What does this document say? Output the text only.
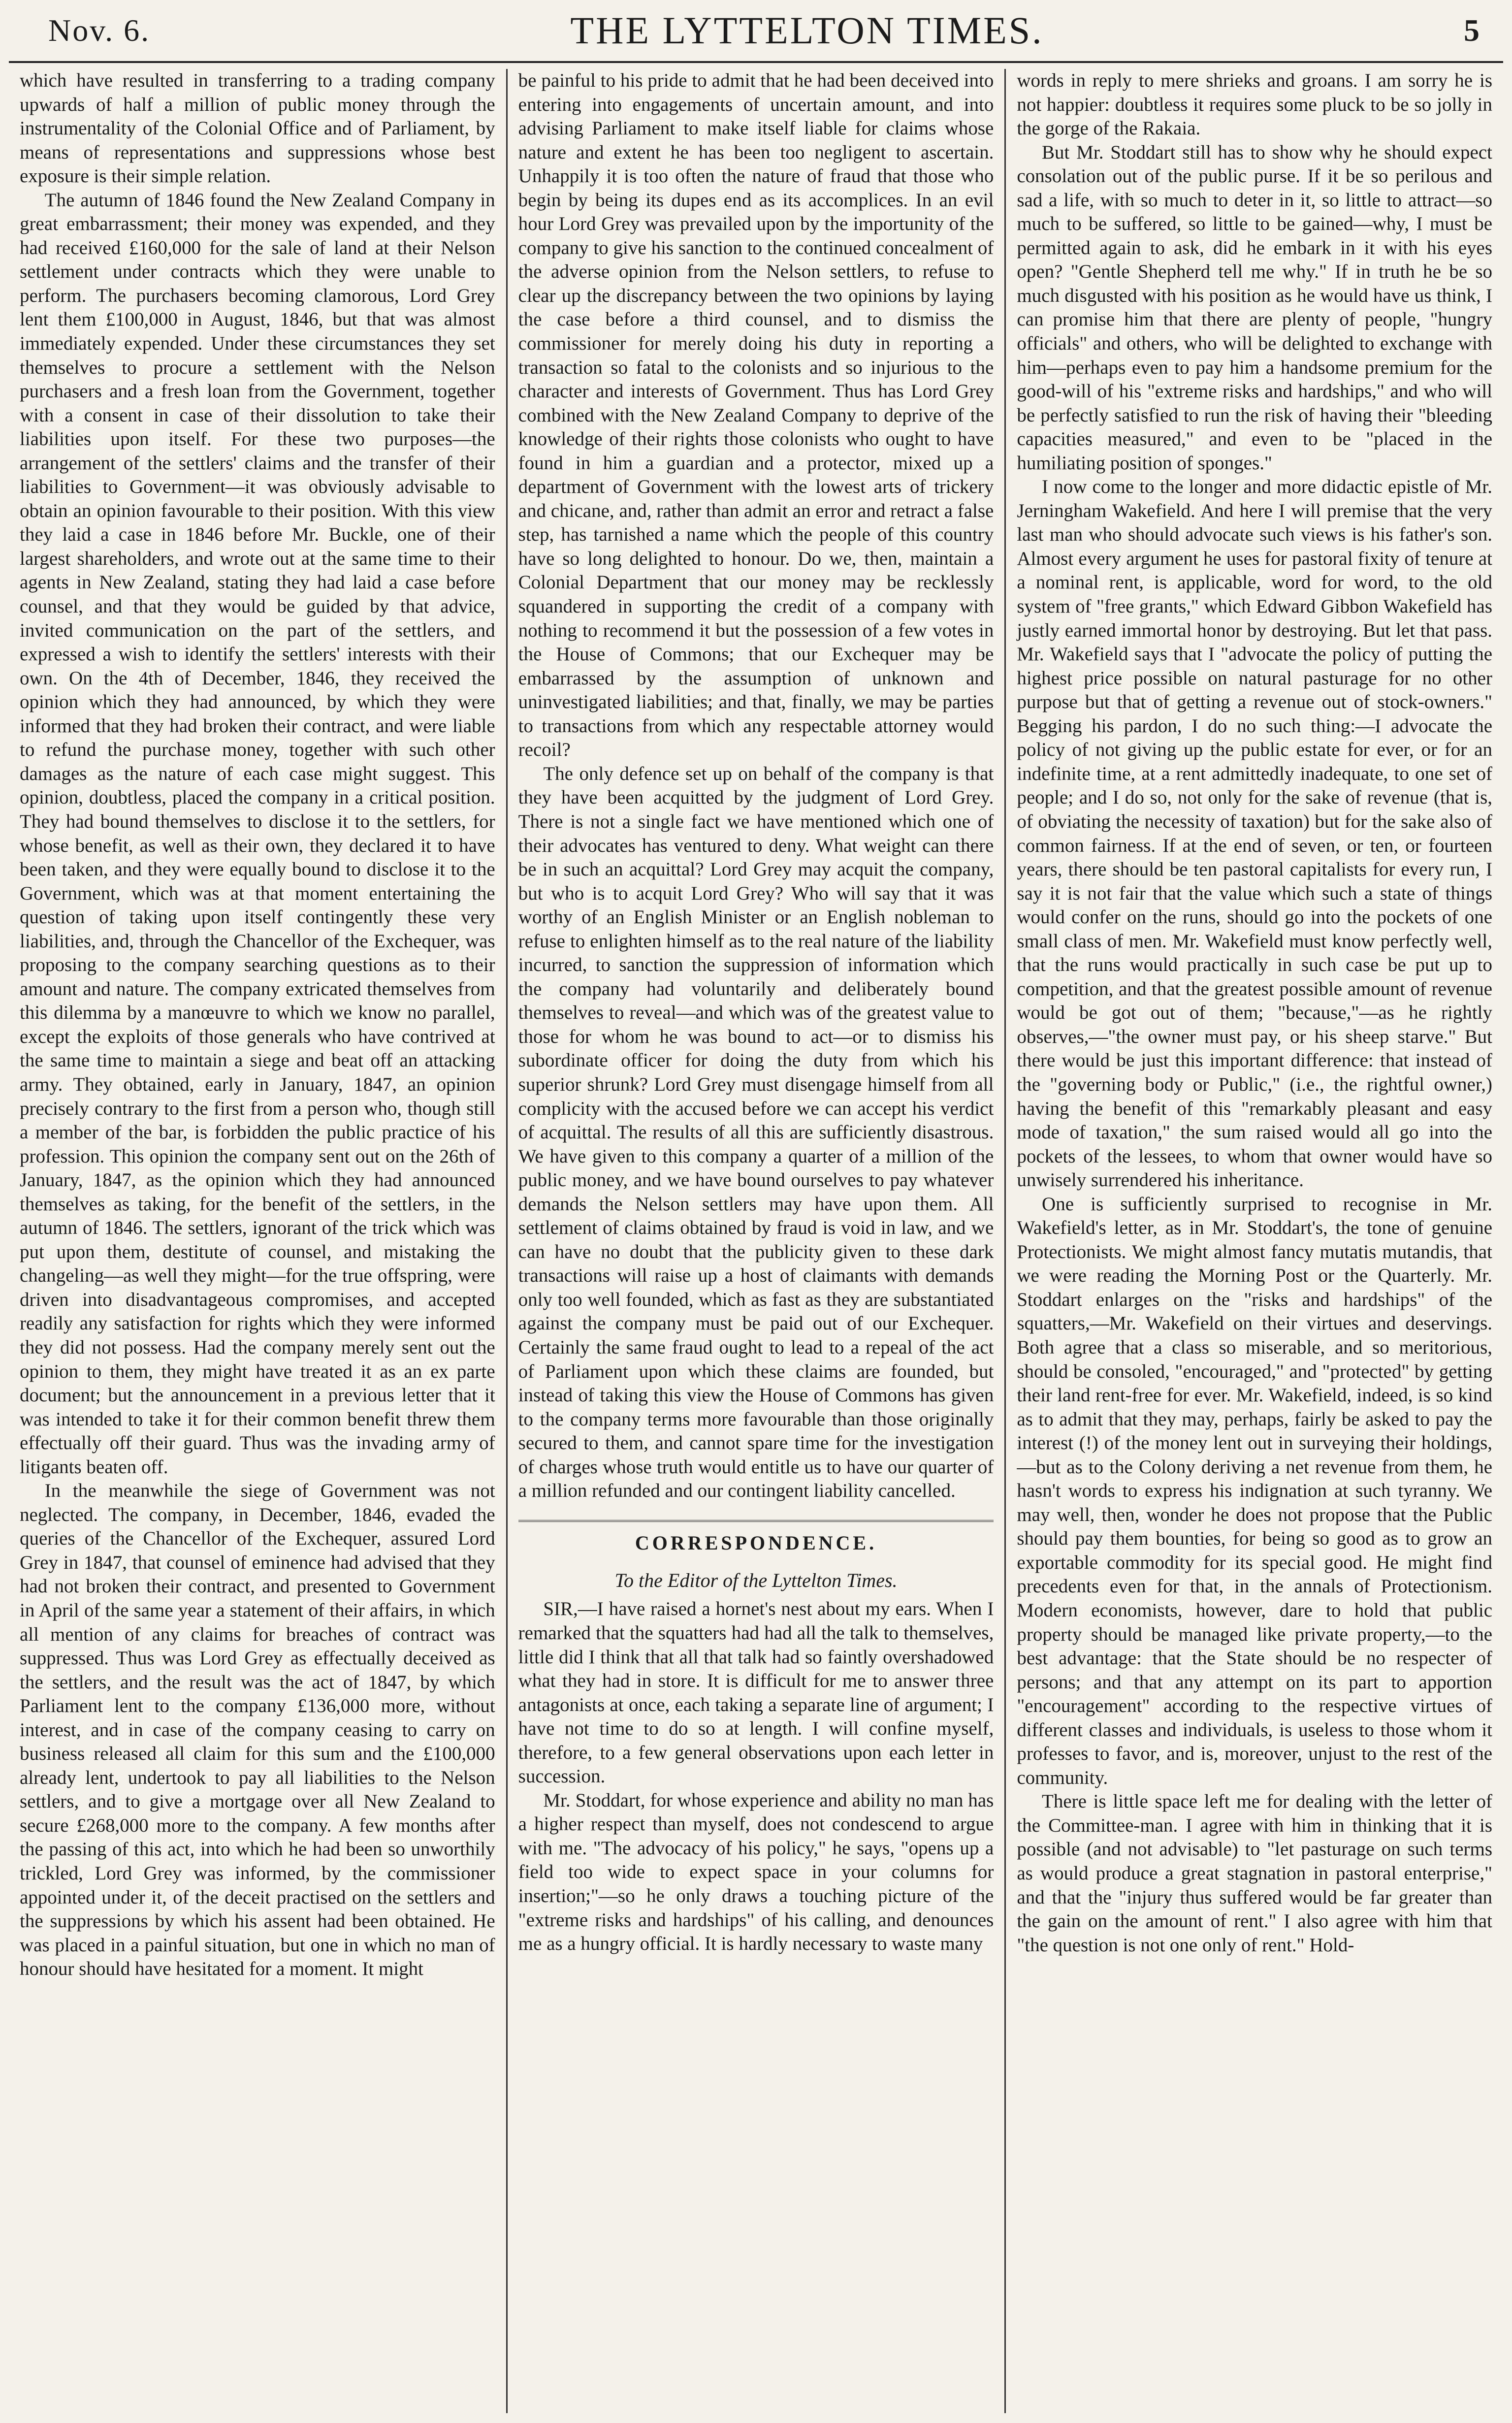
Nov. 6.	THE LYTTELTON TIMES.	5

which have resulted in transferring to a trading company upwards of half a million of public money through the instrumentality of the Colonial Office and of Parliament, by means of representations and suppressions whose best exposure is their simple relation.

The autumn of 1846 found the New Zealand Company in great embarrassment; their money was expended, and they had received £160,000 for the sale of land at their Nelson settlement under contracts which they were unable to perform. The purchasers becoming clamorous, Lord Grey lent them £100,000 in August, 1846, but that was almost immediately expended. Under these circumstances they set themselves to procure a settlement with the Nelson purchasers and a fresh loan from the Government, together with a consent in case of their dissolution to take their liabilities upon itself. For these two purposes—the arrangement of the settlers' claims and the transfer of their liabilities to Government—it was obviously advisable to obtain an opinion favourable to their position. With this view they laid a case in 1846 before Mr. Buckle, one of their largest shareholders, and wrote out at the same time to their agents in New Zealand, stating they had laid a case before counsel, and that they would be guided by that advice, invited communication on the part of the settlers, and expressed a wish to identify the settlers' interests with their own. On the 4th of December, 1846, they received the opinion which they had announced, by which they were informed that they had broken their contract, and were liable to refund the purchase money, together with such other damages as the nature of each case might suggest. This opinion, doubtless, placed the company in a critical position. They had bound themselves to disclose it to the settlers, for whose benefit, as well as their own, they declared it to have been taken, and they were equally bound to disclose it to the Government, which was at that moment entertaining the question of taking upon itself contingently these very liabilities, and, through the Chancellor of the Exchequer, was proposing to the company searching questions as to their amount and nature. The company extricated themselves from this dilemma by a manœuvre to which we know no parallel, except the exploits of those generals who have contrived at the same time to maintain a siege and beat off an attacking army. They obtained, early in January, 1847, an opinion precisely contrary to the first from a person who, though still a member of the bar, is forbidden the public practice of his profession. This opinion the company sent out on the 26th of January, 1847, as the opinion which they had announced themselves as taking, for the benefit of the settlers, in the autumn of 1846. The settlers, ignorant of the trick which was put upon them, destitute of counsel, and mistaking the changeling—as well they might—for the true offspring, were driven into disadvantageous compromises, and accepted readily any satisfaction for rights which they were informed they did not possess. Had the company merely sent out the opinion to them, they might have treated it as an ex parte document; but the announcement in a previous letter that it was intended to take it for their common benefit threw them effectually off their guard. Thus was the invading army of litigants beaten off.

In the meanwhile the siege of Government was not neglected. The company, in December, 1846, evaded the queries of the Chancellor of the Exchequer, assured Lord Grey in 1847, that counsel of eminence had advised that they had not broken their contract, and presented to Government in April of the same year a statement of their affairs, in which all mention of any claims for breaches of contract was suppressed. Thus was Lord Grey as effectually deceived as the settlers, and the result was the act of 1847, by which Parliament lent to the company £136,000 more, without interest, and in case of the company ceasing to carry on business released all claim for this sum and the £100,000 already lent, undertook to pay all liabilities to the Nelson settlers, and to give a mortgage over all New Zealand to secure £268,000 more to the company. A few months after the passing of this act, into which he had been so unworthily trickled, Lord Grey was informed, by the commissioner appointed under it, of the deceit practised on the settlers and the suppressions by which his assent had been obtained. He was placed in a painful situation, but one in which no man of honour should have hesitated for a moment. It might

be painful to his pride to admit that he had been deceived into entering into engagements of uncertain amount, and into advising Parliament to make itself liable for claims whose nature and extent he has been too negligent to ascertain. Unhappily it is too often the nature of fraud that those who begin by being its dupes end as its accomplices. In an evil hour Lord Grey was prevailed upon by the importunity of the company to give his sanction to the continued concealment of the adverse opinion from the Nelson settlers, to refuse to clear up the discrepancy between the two opinions by laying the case before a third counsel, and to dismiss the commissioner for merely doing his duty in reporting a transaction so fatal to the colonists and so injurious to the character and interests of Government. Thus has Lord Grey combined with the New Zealand Company to deprive of the knowledge of their rights those colonists who ought to have found in him a guardian and a protector, mixed up a department of Government with the lowest arts of trickery and chicane, and, rather than admit an error and retract a false step, has tarnished a name which the people of this country have so long delighted to honour. Do we, then, maintain a Colonial Department that our money may be recklessly squandered in supporting the credit of a company with nothing to recommend it but the possession of a few votes in the House of Commons; that our Exchequer may be embarrassed by the assumption of unknown and uninvestigated liabilities; and that, finally, we may be parties to transactions from which any respectable attorney would recoil?

The only defence set up on behalf of the company is that they have been acquitted by the judgment of Lord Grey. There is not a single fact we have mentioned which one of their advocates has ventured to deny. What weight can there be in such an acquittal? Lord Grey may acquit the company, but who is to acquit Lord Grey? Who will say that it was worthy of an English Minister or an English nobleman to refuse to enlighten himself as to the real nature of the liability incurred, to sanction the suppression of information which the company had voluntarily and deliberately bound themselves to reveal—and which was of the greatest value to those for whom he was bound to act—or to dismiss his subordinate officer for doing the duty from which his superior shrunk? Lord Grey must disengage himself from all complicity with the accused before we can accept his verdict of acquittal. The results of all this are sufficiently disastrous. We have given to this company a quarter of a million of the public money, and we have bound ourselves to pay whatever demands the Nelson settlers may have upon them. All settlement of claims obtained by fraud is void in law, and we can have no doubt that the publicity given to these dark transactions will raise up a host of claimants with demands only too well founded, which as fast as they are substantiated against the company must be paid out of our Exchequer. Certainly the same fraud ought to lead to a repeal of the act of Parliament upon which these claims are founded, but instead of taking this view the House of Commons has given to the company terms more favourable than those originally secured to them, and cannot spare time for the investigation of charges whose truth would entitle us to have our quarter of a million refunded and our contingent liability cancelled.

CORRESPONDENCE.
To the Editor of the Lyttelton Times.

SIR,—I have raised a hornet's nest about my ears. When I remarked that the squatters had had all the talk to themselves, little did I think that all that talk had so faintly overshadowed what they had in store. It is difficult for me to answer three antagonists at once, each taking a separate line of argument; I have not time to do so at length. I will confine myself, therefore, to a few general observations upon each letter in succession.

Mr. Stoddart, for whose experience and ability no man has a higher respect than myself, does not condescend to argue with me. "The advocacy of his policy," he says, "opens up a field too wide to expect space in your columns for insertion;"—so he only draws a touching picture of the "extreme risks and hardships" of his calling, and denounces me as a hungry official. It is hardly necessary to waste many

words in reply to mere shrieks and groans. I am sorry he is not happier: doubtless it requires some pluck to be so jolly in the gorge of the Rakaia.

But Mr. Stoddart still has to show why he should expect consolation out of the public purse. If it be so perilous and sad a life, with so much to deter in it, so little to attract—so much to be suffered, so little to be gained—why, I must be permitted again to ask, did he embark in it with his eyes open? "Gentle Shepherd tell me why." If in truth he be so much disgusted with his position as he would have us think, I can promise him that there are plenty of people, "hungry officials" and others, who will be delighted to exchange with him—perhaps even to pay him a handsome premium for the good-will of his "extreme risks and hardships," and who will be perfectly satisfied to run the risk of having their "bleeding capacities measured," and even to be "placed in the humiliating position of sponges."

I now come to the longer and more didactic epistle of Mr. Jerningham Wakefield. And here I will premise that the very last man who should advocate such views is his father's son. Almost every argument he uses for pastoral fixity of tenure at a nominal rent, is applicable, word for word, to the old system of "free grants," which Edward Gibbon Wakefield has justly earned immortal honor by destroying. But let that pass. Mr. Wakefield says that I "advocate the policy of putting the highest price possible on natural pasturage for no other purpose but that of getting a revenue out of stock-owners." Begging his pardon, I do no such thing:—I advocate the policy of not giving up the public estate for ever, or for an indefinite time, at a rent admittedly inadequate, to one set of people; and I do so, not only for the sake of revenue (that is, of obviating the necessity of taxation) but for the sake also of common fairness. If at the end of seven, or ten, or fourteen years, there should be ten pastoral capitalists for every run, I say it is not fair that the value which such a state of things would confer on the runs, should go into the pockets of one small class of men. Mr. Wakefield must know perfectly well, that the runs would practically in such case be put up to competition, and that the greatest possible amount of revenue would be got out of them; "because,"—as he rightly observes,—"the owner must pay, or his sheep starve." But there would be just this important difference: that instead of the "governing body or Public," (i.e., the rightful owner,) having the benefit of this "remarkably pleasant and easy mode of taxation," the sum raised would all go into the pockets of the lessees, to whom that owner would have so unwisely surrendered his inheritance.

One is sufficiently surprised to recognise in Mr. Wakefield's letter, as in Mr. Stoddart's, the tone of genuine Protectionists. We might almost fancy mutatis mutandis, that we were reading the Morning Post or the Quarterly. Mr. Stoddart enlarges on the "risks and hardships" of the squatters,—Mr. Wakefield on their virtues and deservings. Both agree that a class so miserable, and so meritorious, should be consoled, "encouraged," and "protected" by getting their land rent-free for ever. Mr. Wakefield, indeed, is so kind as to admit that they may, perhaps, fairly be asked to pay the interest (!) of the money lent out in surveying their holdings,—but as to the Colony deriving a net revenue from them, he hasn't words to express his indignation at such tyranny. We may well, then, wonder he does not propose that the Public should pay them bounties, for being so good as to grow an exportable commodity for its special good. He might find precedents even for that, in the annals of Protectionism. Modern economists, however, dare to hold that public property should be managed like private property,—to the best advantage: that the State should be no respecter of persons; and that any attempt on its part to apportion "encouragement" according to the respective virtues of different classes and individuals, is useless to those whom it professes to favor, and is, moreover, unjust to the rest of the community.

There is little space left me for dealing with the letter of the Committee-man. I agree with him in thinking that it is possible (and not advisable) to "let pasturage on such terms as would produce a great stagnation in pastoral enterprise," and that the "injury thus suffered would be far greater than the gain on the amount of rent." I also agree with him that "the question is not one only of rent." Hold-
